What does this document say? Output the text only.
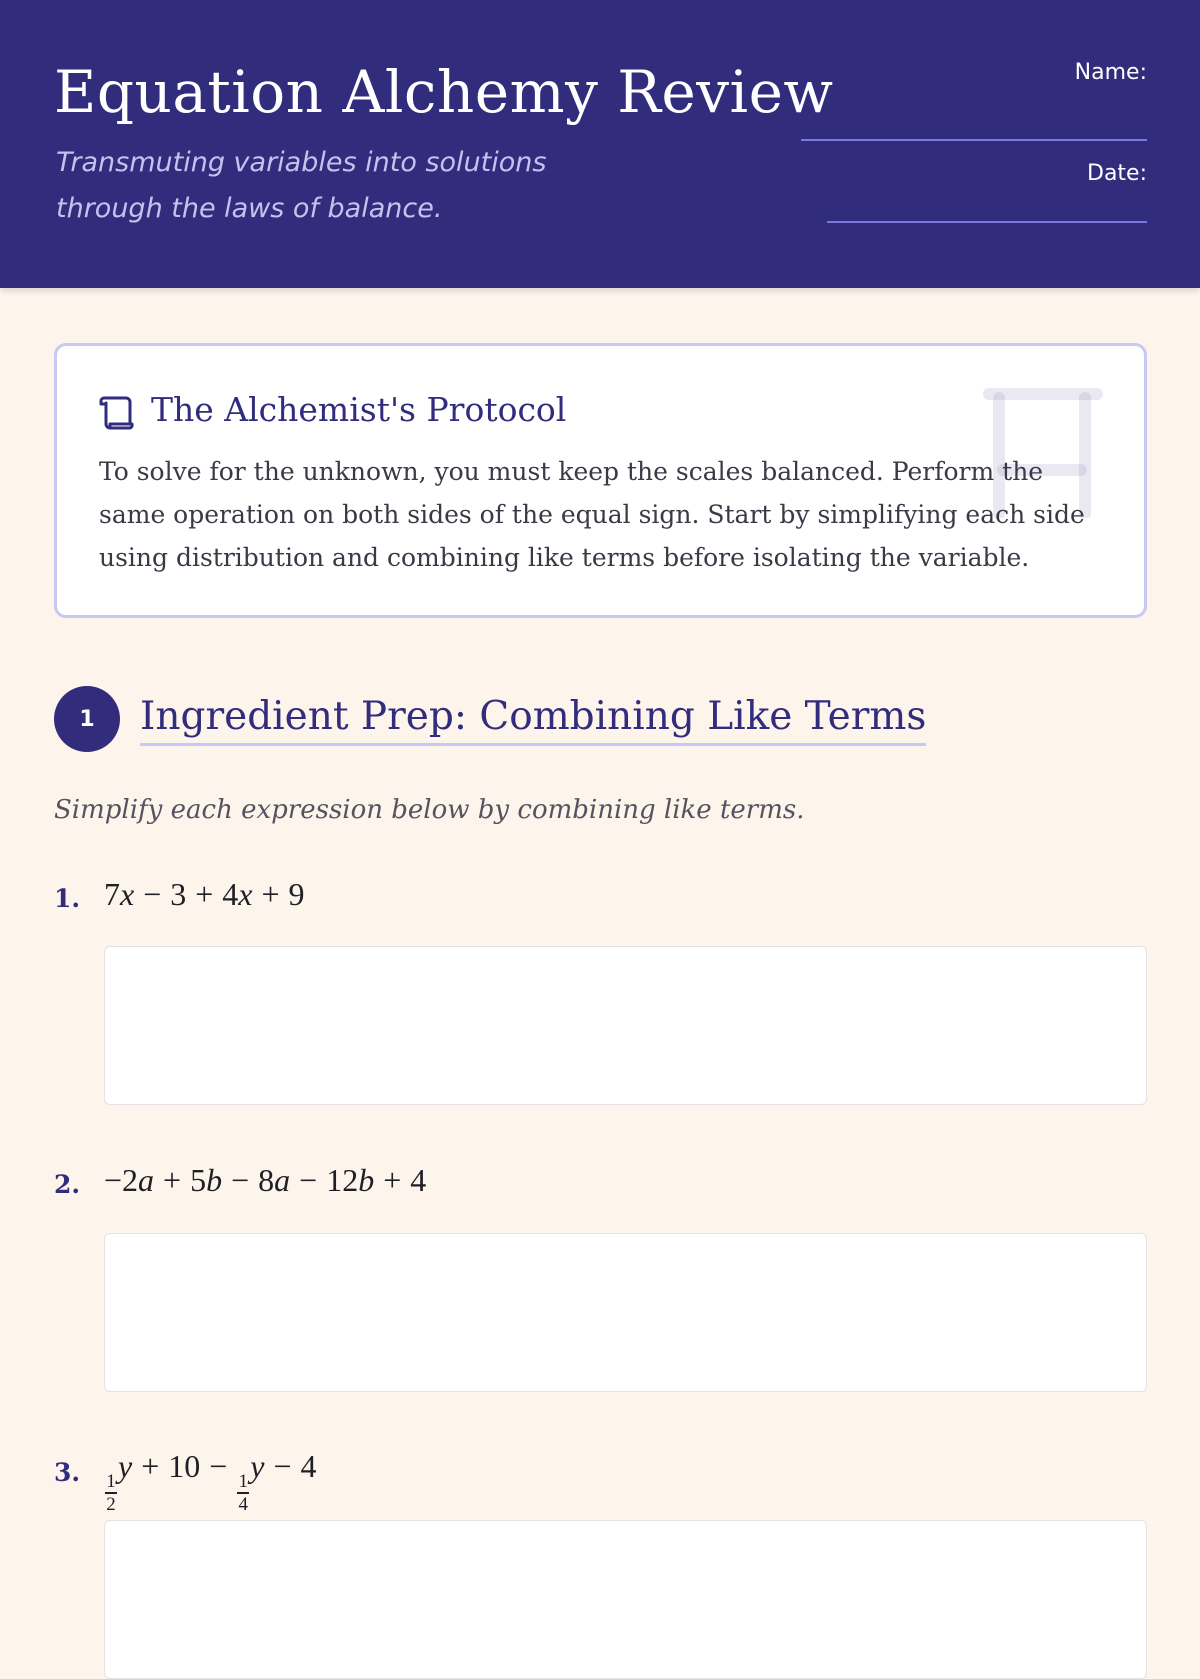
Equation Alchemy Review
Transmuting variables into solutions through the laws of balance.
Name:
Date:
The Alchemist's Protocol
To solve for the unknown, you must keep the scales balanced. Perform the same operation on both sides of the equal sign. Start by simplifying each side using distribution and combining like terms before isolating the variable.
1	Ingredient Prep: Combining Like Terms
Simplify each expression below by combining like terms.
1. 7x − 3 + 4x + 9
2. −2a + 5b − 8a − 12b + 4
3. $\frac{1}{2}$
y + 10 −
$\frac{1}{4}$
y − 4
